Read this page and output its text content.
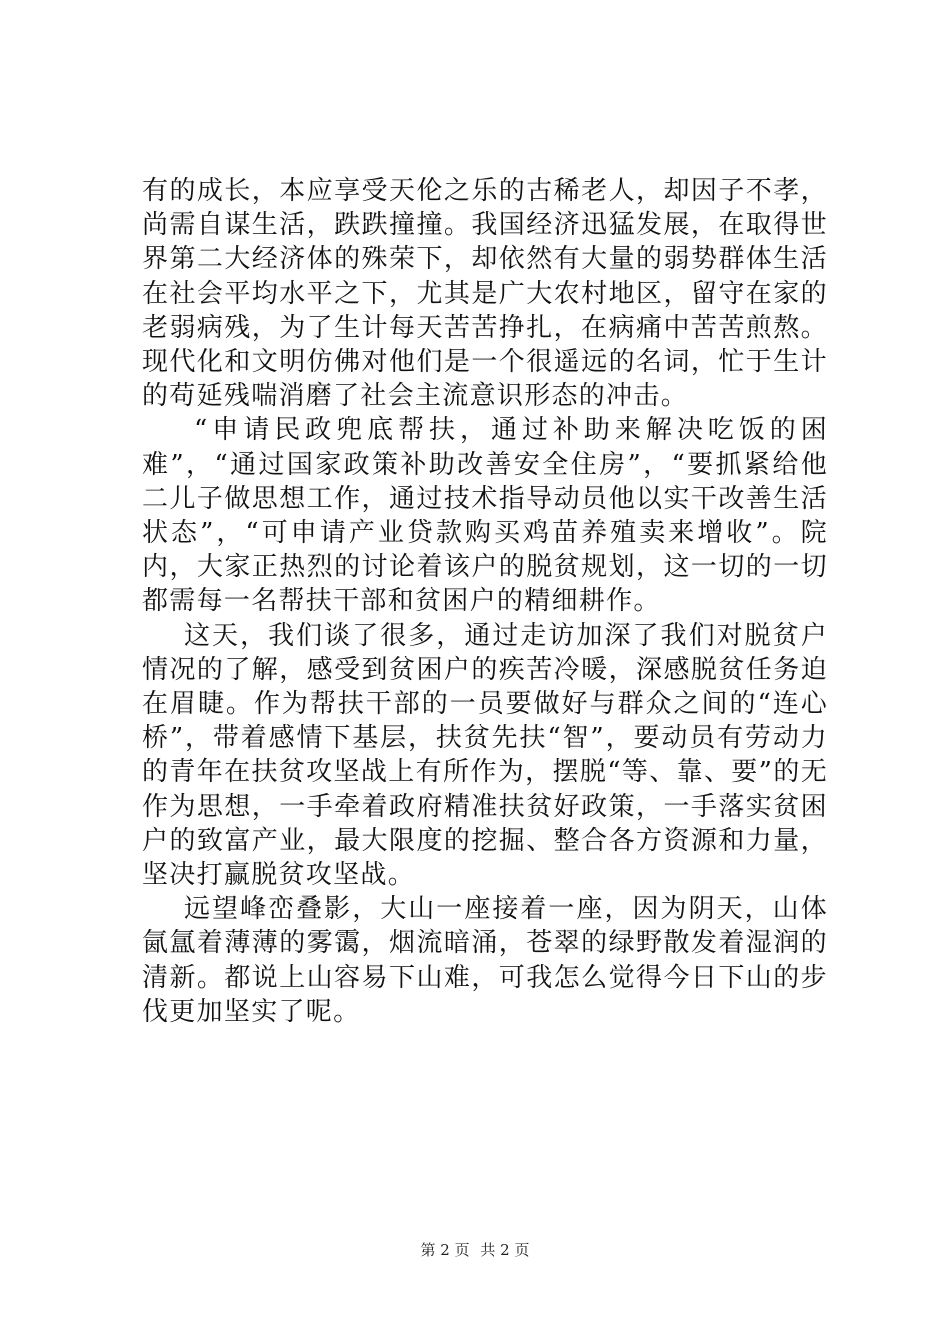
有的成长，本应享受天伦之乐的古稀老人，却因子不孝，尚需自谋生活，跌跌撞撞。我国经济迅猛发展，在取得世界第二大经济体的殊荣下，却依然有大量的弱势群体生活在社会平均水平之下，尤其是广大农村地区，留守在家的老弱病残，为了生计每天苦苦挣扎，在病痛中苦苦煎熬。现代化和文明仿佛对他们是一个很遥远的名词，忙于生计的苟延残喘消磨了社会主流意识形态的冲击。

“申请民政兜底帮扶，通过补助来解决吃饭的困难”，“通过国家政策补助改善安全住房”，“要抓紧给他二儿子做思想工作，通过技术指导动员他以实干改善生活状态”，“可申请产业贷款购买鸡苗养殖卖来增收”。院内，大家正热烈的讨论着该户的脱贫规划，这一切的一切都需每一名帮扶干部和贫困户的精细耕作。

这天，我们谈了很多，通过走访加深了我们对脱贫户情况的了解，感受到贫困户的疾苦冷暖，深感脱贫任务迫在眉睫。作为帮扶干部的一员要做好与群众之间的“连心桥”，带着感情下基层，扶贫先扶“智”，要动员有劳动力的青年在扶贫攻坚战上有所作为，摆脱“等、靠、要”的无作为思想，一手牵着政府精准扶贫好政策，一手落实贫困户的致富产业，最大限度的挖掘、整合各方资源和力量，坚决打赢脱贫攻坚战。

远望峰峦叠影，大山一座接着一座，因为阴天，山体氤氲着薄薄的雾霭，烟流暗涌，苍翠的绿野散发着湿润的清新。都说上山容易下山难，可我怎么觉得今日下山的步伐更加坚实了呢。

第 2 页 共 2 页
